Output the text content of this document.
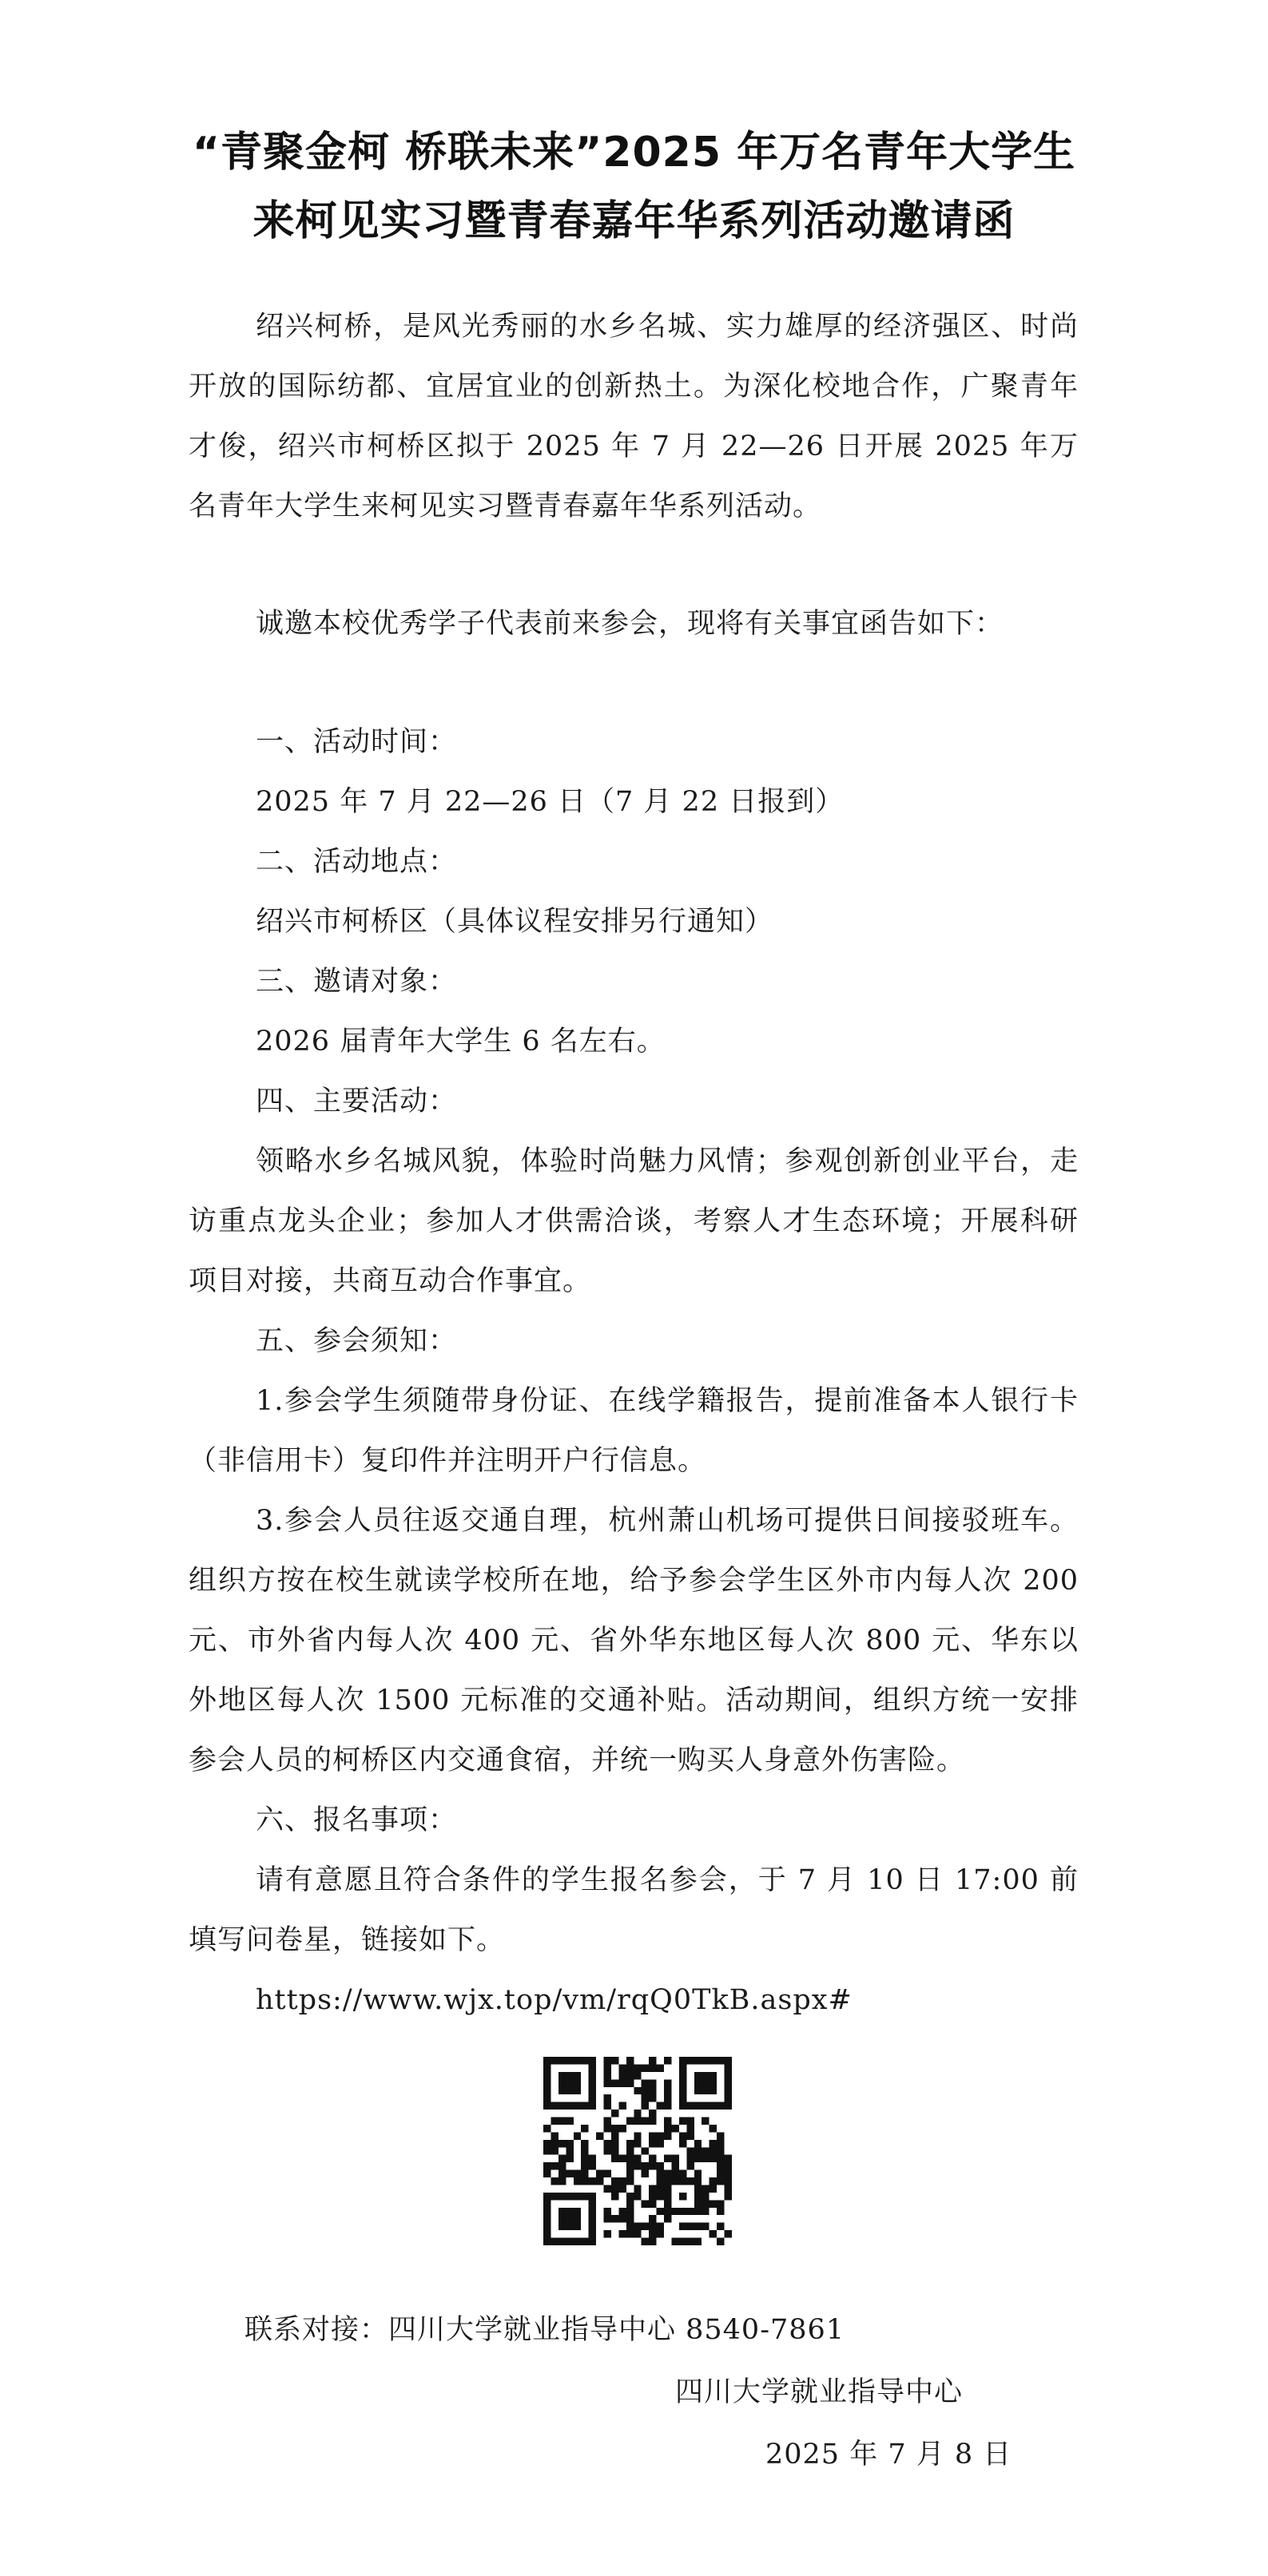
“青聚金柯 桥联未来”2025 年万名青年大学生
来柯见实习暨青春嘉年华系列活动邀请函

绍兴柯桥，是风光秀丽的水乡名城、实力雄厚的经济强区、时尚开放的国际纺都、宜居宜业的创新热土。为深化校地合作，广聚青年才俊，绍兴市柯桥区拟于 2025 年 7 月 22—26 日开展 2025 年万名青年大学生来柯见实习暨青春嘉年华系列活动。

诚邀本校优秀学子代表前来参会，现将有关事宜函告如下：

一、活动时间：

2025 年 7 月 22—26 日（7 月 22 日报到）

二、活动地点：

绍兴市柯桥区（具体议程安排另行通知）

三、邀请对象：

2026 届青年大学生 6 名左右。

四、主要活动：

领略水乡名城风貌，体验时尚魅力风情；参观创新创业平台，走访重点龙头企业；参加人才供需洽谈，考察人才生态环境；开展科研项目对接，共商互动合作事宜。

五、参会须知：

1.参会学生须随带身份证、在线学籍报告，提前准备本人银行卡（非信用卡）复印件并注明开户行信息。

3.参会人员往返交通自理，杭州萧山机场可提供日间接驳班车。组织方按在校生就读学校所在地，给予参会学生区外市内每人次 200 元、市外省内每人次 400 元、省外华东地区每人次 800 元、华东以外地区每人次 1500 元标准的交通补贴。活动期间，组织方统一安排参会人员的柯桥区内交通食宿，并统一购买人身意外伤害险。

六、报名事项：

请有意愿且符合条件的学生报名参会，于 7 月 10 日 17:00 前填写问卷星，链接如下。

https://www.wjx.top/vm/rqQ0TkB.aspx#

联系对接：四川大学就业指导中心 8540-7861
四川大学就业指导中心
2025 年 7 月 8 日
